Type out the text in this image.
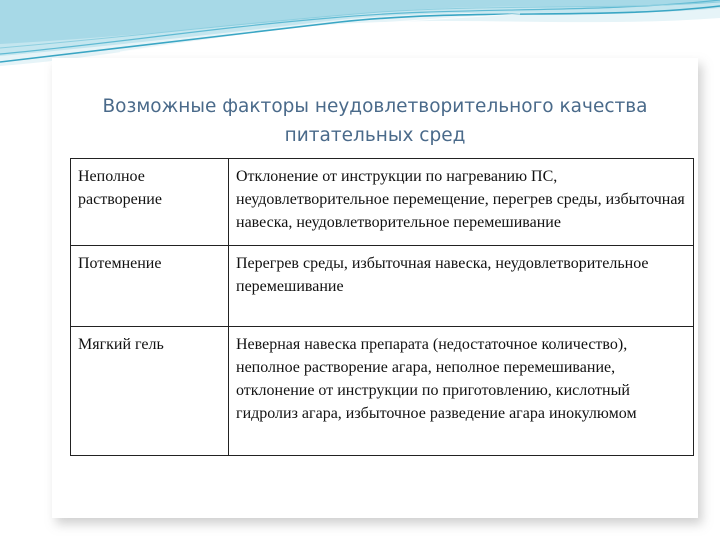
Возможные факторы неудовлетворительного качества
питательных сред
Неполное растворение	Отклонение от инструкции по нагреванию ПС, неудовлетворительное перемещение, перегрев среды, избыточная навеска, неудовлетворительное перемешивание
Потемнение	Перегрев среды, избыточная навеска, неудовлетворительное перемешивание
Мягкий гель	Неверная навеска препарата (недостаточное количество), неполное растворение агара, неполное перемешивание, отклонение от инструкции по приготовлению, кислотный гидролиз агара, избыточное разведение агара инокулюмом
